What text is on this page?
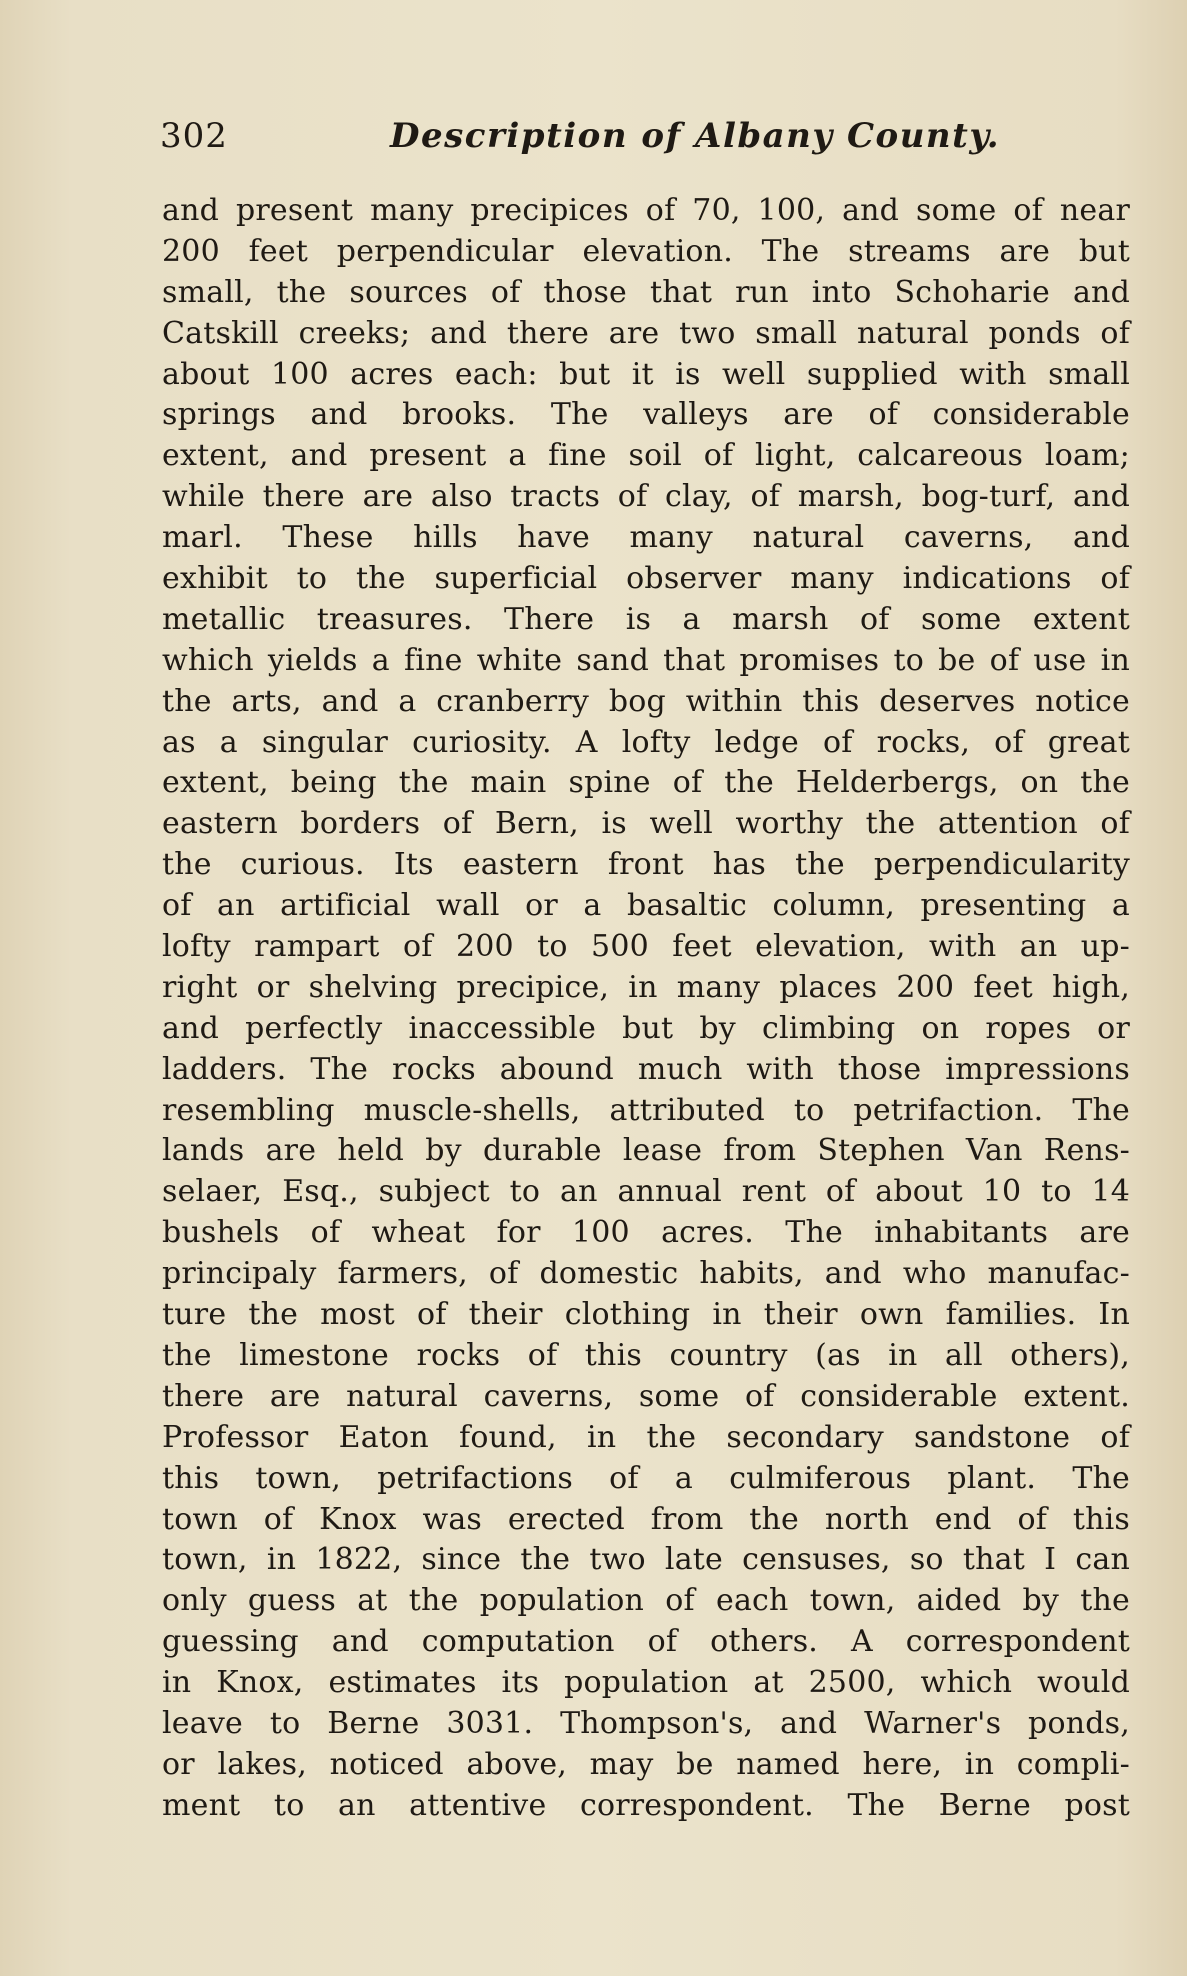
302	Description of Albany County.
and present many precipices of 70, 100, and some of near
200 feet perpendicular elevation. The streams are but
small, the sources of those that run into Schoharie and
Catskill creeks; and there are two small natural ponds of
about 100 acres each: but it is well supplied with small
springs and brooks. The valleys are of considerable
extent, and present a fine soil of light, calcareous loam;
while there are also tracts of clay, of marsh, bog-turf, and
marl. These hills have many natural caverns, and
exhibit to the superficial observer many indications of
metallic treasures. There is a marsh of some extent
which yields a fine white sand that promises to be of use in
the arts, and a cranberry bog within this deserves notice
as a singular curiosity. A lofty ledge of rocks, of great
extent, being the main spine of the Helderbergs, on the
eastern borders of Bern, is well worthy the attention of
the curious. Its eastern front has the perpendicularity
of an artificial wall or a basaltic column, presenting a
lofty rampart of 200 to 500 feet elevation, with an up-
right or shelving precipice, in many places 200 feet high,
and perfectly inaccessible but by climbing on ropes or
ladders. The rocks abound much with those impressions
resembling muscle-shells, attributed to petrifaction. The
lands are held by durable lease from Stephen Van Rens-
selaer, Esq., subject to an annual rent of about 10 to 14
bushels of wheat for 100 acres. The inhabitants are
principaly farmers, of domestic habits, and who manufac-
ture the most of their clothing in their own families. In
the limestone rocks of this country (as in all others),
there are natural caverns, some of considerable extent.
Professor Eaton found, in the secondary sandstone of
this town, petrifactions of a culmiferous plant. The
town of Knox was erected from the north end of this
town, in 1822, since the two late censuses, so that I can
only guess at the population of each town, aided by the
guessing and computation of others. A correspondent
in Knox, estimates its population at 2500, which would
leave to Berne 3031. Thompson's, and Warner's ponds,
or lakes, noticed above, may be named here, in compli-
ment to an attentive correspondent. The Berne post
